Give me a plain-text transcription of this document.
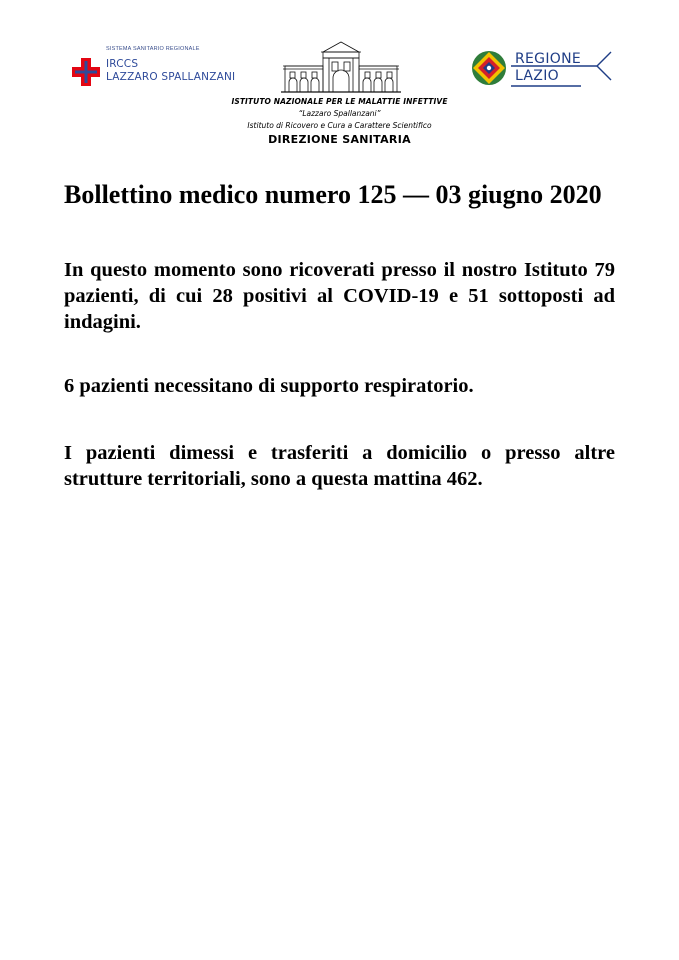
SISTEMA SANITARIO REGIONALE
IRCCS
LAZZARO SPALLANZANI
REGIONE
LAZIO
ISTITUTO NAZIONALE PER LE MALATTIE INFETTIVE
“Lazzaro Spallanzani”
Istituto di Ricovero e Cura a Carattere Scientifico
DIREZIONE SANITARIA

Bollettino medico numero 125 — 03 giugno 2020

In questo momento sono ricoverati presso il nostro Istituto 79 pazienti, di cui 28 positivi al COVID-19 e 51 sottoposti ad indagini.

6 pazienti necessitano di supporto respiratorio.

I pazienti dimessi e trasferiti a domicilio o presso altre strutture territoriali, sono a questa mattina 462.
